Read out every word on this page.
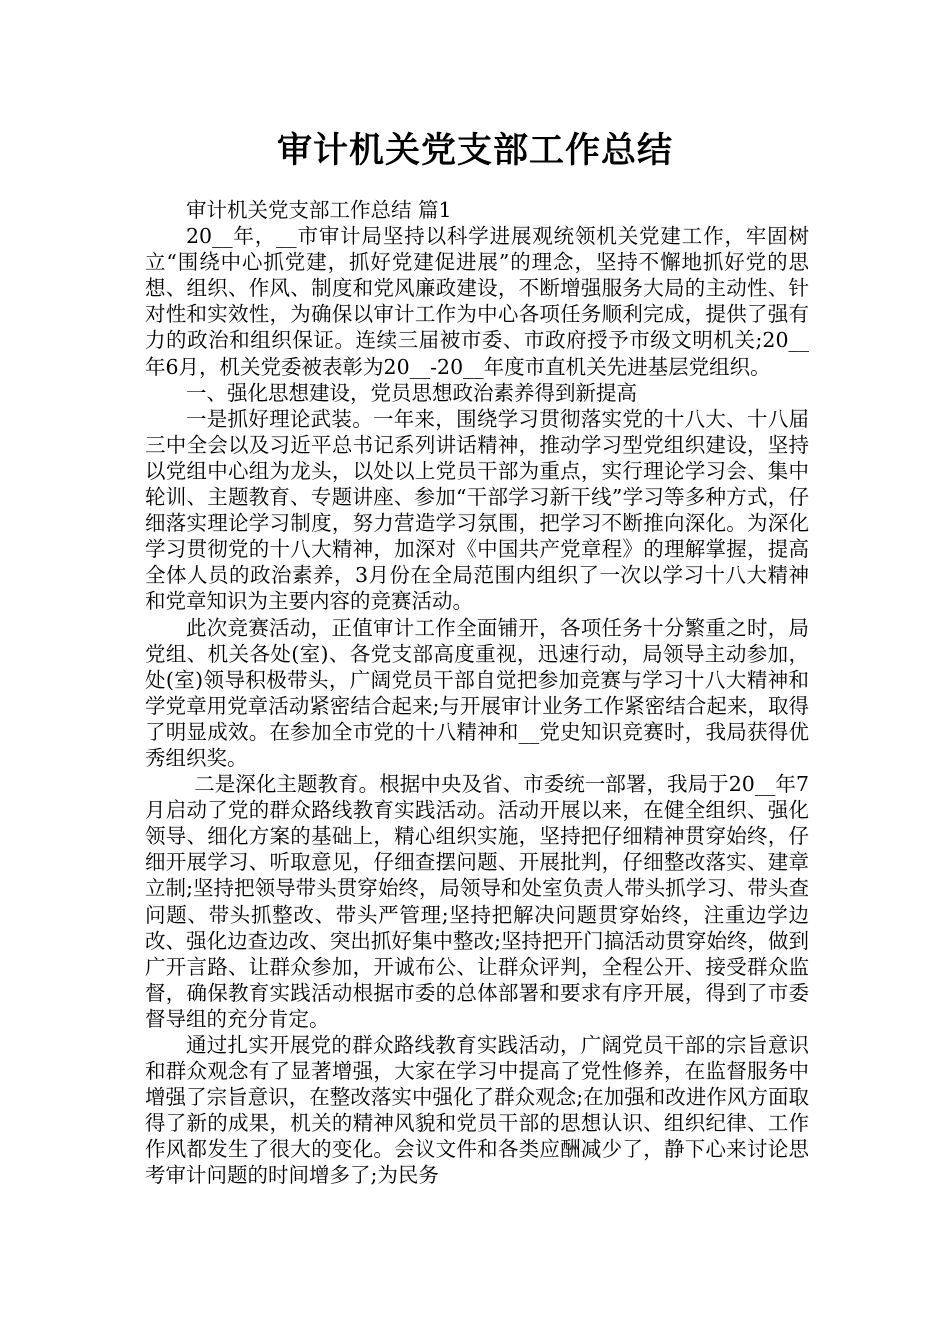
审计机关党支部工作总结

审计机关党支部工作总结 篇1

20__年，__市审计局坚持以科学进展观统领机关党建工作，牢固树立“围绕中心抓党建，抓好党建促进展”的理念，坚持不懈地抓好党的思想、组织、作风、制度和党风廉政建设，不断增强服务大局的主动性、针对性和实效性，为确保以审计工作为中心各项任务顺利完成，提供了强有力的政治和组织保证。连续三届被市委、市政府授予市级文明机关;20__年6月，机关党委被表彰为20__-20__年度市直机关先进基层党组织。

一、强化思想建设，党员思想政治素养得到新提高

一是抓好理论武装。一年来，围绕学习贯彻落实党的十八大、十八届三中全会以及习近平总书记系列讲话精神，推动学习型党组织建设，坚持以党组中心组为龙头，以处以上党员干部为重点，实行理论学习会、集中轮训、主题教育、专题讲座、参加“干部学习新干线”学习等多种方式，仔细落实理论学习制度，努力营造学习氛围，把学习不断推向深化。为深化学习贯彻党的十八大精神，加深对《中国共产党章程》的理解掌握，提高全体人员的政治素养，3月份在全局范围内组织了一次以学习十八大精神和党章知识为主要内容的竞赛活动。

此次竞赛活动，正值审计工作全面铺开，各项任务十分繁重之时，局党组、机关各处(室)、各党支部高度重视，迅速行动，局领导主动参加，处(室)领导积极带头，广阔党员干部自觉把参加竞赛与学习十八大精神和学党章用党章活动紧密结合起来;与开展审计业务工作紧密结合起来，取得了明显成效。在参加全市党的十八精神和__党史知识竞赛时，我局获得优秀组织奖。

二是深化主题教育。根据中央及省、市委统一部署，我局于20__年7月启动了党的群众路线教育实践活动。活动开展以来，在健全组织、强化领导、细化方案的基础上，精心组织实施，坚持把仔细精神贯穿始终，仔细开展学习、听取意见，仔细查摆问题、开展批判，仔细整改落实、建章立制;坚持把领导带头贯穿始终，局领导和处室负责人带头抓学习、带头查问题、带头抓整改、带头严管理;坚持把解决问题贯穿始终，注重边学边改、强化边查边改、突出抓好集中整改;坚持把开门搞活动贯穿始终，做到广开言路、让群众参加，开诚布公、让群众评判，全程公开、接受群众监督，确保教育实践活动根据市委的总体部署和要求有序开展，得到了市委督导组的充分肯定。

通过扎实开展党的群众路线教育实践活动，广阔党员干部的宗旨意识和群众观念有了显著增强，大家在学习中提高了党性修养，在监督服务中增强了宗旨意识，在整改落实中强化了群众观念;在加强和改进作风方面取得了新的成果，机关的精神风貌和党员干部的思想认识、组织纪律、工作作风都发生了很大的变化。会议文件和各类应酬减少了，静下心来讨论思考审计问题的时间增多了;为民务
